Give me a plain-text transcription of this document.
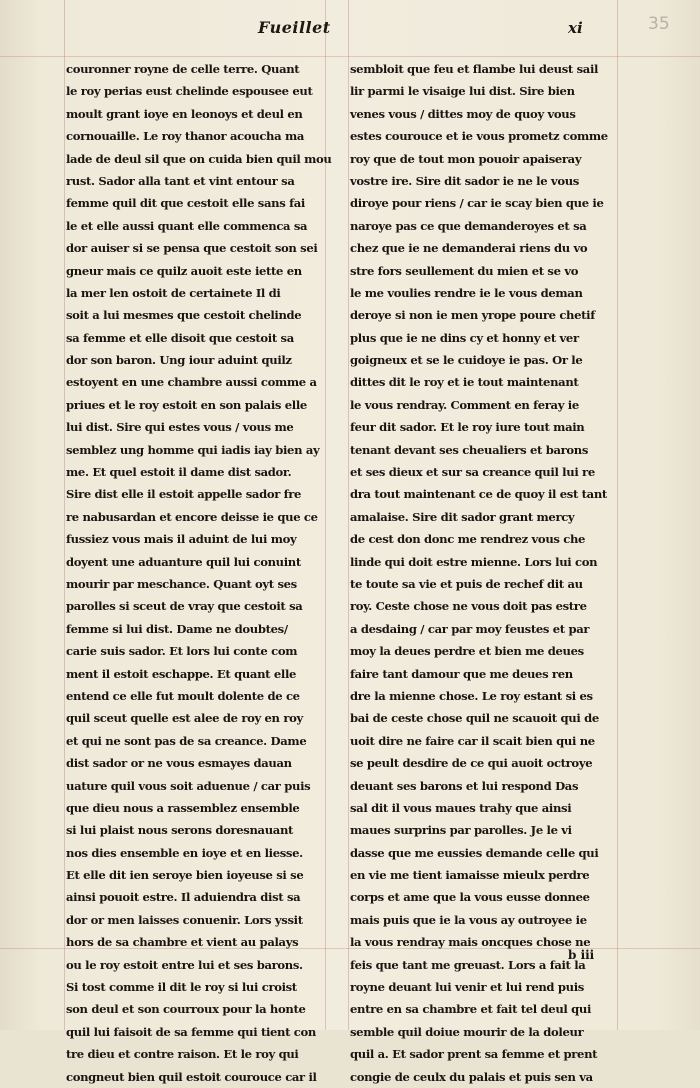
Fueillet	xi	35
couronner royne de celle terre. Quant
le roy perias eust chelinde espousee eut
moult grant ioye en leonoys et deul en
cornouaille. Le roy thanor acoucha ma
lade de deul sil que on cuida bien quil mou
rust. Sador alla tant et vint entour sa
femme quil dit que cestoit elle sans fai
le et elle aussi quant elle commenca sa
dor auiser si se pensa que cestoit son sei
gneur mais ce quilz auoit este iette en
la mer len ostoit de certainete Il di
soit a lui mesmes que cestoit chelinde
sa femme et elle disoit que cestoit sa
dor son baron. Ung iour aduint quilz
estoyent en une chambre aussi comme a
priues et le roy estoit en son palais elle
lui dist. Sire qui estes vous / vous me
semblez ung homme qui iadis iay bien ay
me. Et quel estoit il dame dist sador.
Sire dist elle il estoit appelle sador fre
re nabusardan et encore deisse ie que ce
fussiez vous mais il aduint de lui moy
doyent une aduanture quil lui conuint
mourir par meschance. Quant oyt ses
parolles si sceut de vray que cestoit sa
femme si lui dist. Dame ne doubtes/
carie suis sador. Et lors lui conte com
ment il estoit eschappe. Et quant elle
entend ce elle fut moult dolente de ce
quil sceut quelle est alee de roy en roy
et qui ne sont pas de sa creance. Dame
dist sador or ne vous esmayes dauan
uature quil vous soit aduenue / car puis
que dieu nous a rassemblez ensemble
si lui plaist nous serons doresnauant
nos dies ensemble en ioye et en liesse.
Et elle dit ien seroye bien ioyeuse si se
ainsi pouoit estre. Il aduiendra dist sa
dor or men laisses conuenir. Lors yssit
hors de sa chambre et vient au palays
ou le roy estoit entre lui et ses barons.
Si tost comme il dit le roy si lui croist
son deul et son courroux pour la honte
quil lui faisoit de sa femme qui tient con
tre dieu et contre raison. Et le roy qui
congneut bien quil estoit courouce car il
sembloit que feu et flambe lui deust sail
lir parmi le visaige lui dist. Sire bien
venes vous / dittes moy de quoy vous
estes courouce et ie vous prometz comme
roy que de tout mon pouoir apaiseray
vostre ire. Sire dit sador ie ne le vous
diroye pour riens / car ie scay bien que ie
naroye pas ce que demanderoyes et sa
chez que ie ne demanderai riens du vo
stre fors seullement du mien et se vo
le me voulies rendre ie le vous deman
deroye si non ie men yrope poure chetif
plus que ie ne dins cy et honny et ver
goigneux et se le cuidoye ie pas. Or le
dittes dit le roy et ie tout maintenant
le vous rendray. Comment en feray ie
feur dit sador. Et le roy iure tout main
tenant devant ses cheualiers et barons
et ses dieux et sur sa creance quil lui re
dra tout maintenant ce de quoy il est tant
amalaise. Sire dit sador grant mercy
de cest don donc me rendrez vous che
linde qui doit estre mienne. Lors lui con
te toute sa vie et puis de rechef dit au
roy. Ceste chose ne vous doit pas estre
a desdaing / car par moy feustes et par
moy la deues perdre et bien me deues
faire tant damour que me deues ren
dre la mienne chose. Le roy estant si es
bai de ceste chose quil ne scauoit qui de
uoit dire ne faire car il scait bien qui ne
se peult desdire de ce qui auoit octroye
deuant ses barons et lui respond Das
sal dit il vous maues trahy que ainsi
maues surprins par parolles. Je le vi
dasse que me eussies demande celle qui
en vie me tient iamaisse mieulx perdre
corps et ame que la vous eusse donnee
mais puis que ie la vous ay outroyee ie
la vous rendray mais oncques chose ne
feis que tant me greuast. Lors a fait la
royne deuant lui venir et lui rend puis
entre en sa chambre et fait tel deul qui
semble quil doiue mourir de la doleur
quil a. Et sador prent sa femme et prent
congie de ceulx du palais et puis sen va
b iii
